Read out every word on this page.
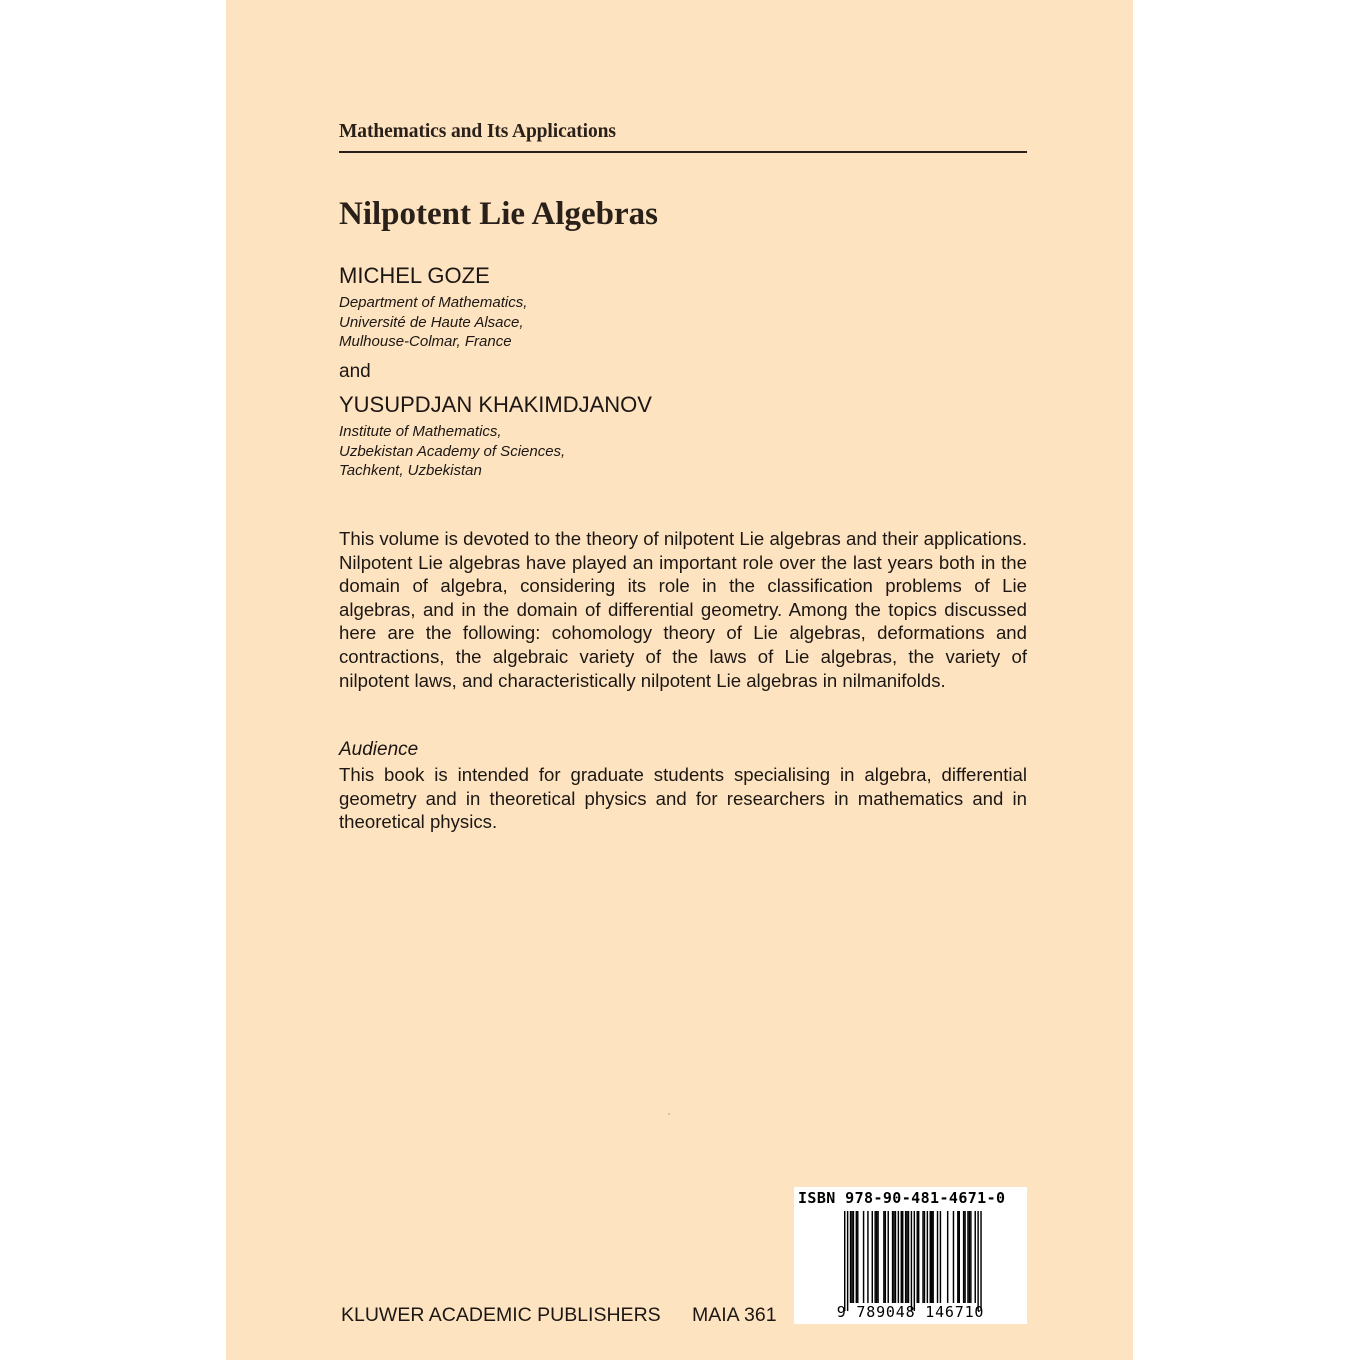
Mathematics and Its Applications
Nilpotent Lie Algebras
MICHEL GOZE
Department of Mathematics,
Université de Haute Alsace,
Mulhouse-Colmar, France
and
YUSUPDJAN KHAKIMDJANOV
Institute of Mathematics,
Uzbekistan Academy of Sciences,
Tachkent, Uzbekistan

This volume is devoted to the theory of nilpotent Lie algebras and their applications. Nilpotent Lie algebras have played an important role over the last years both in the domain of algebra, considering its role in the classification problems of Lie algebras, and in the domain of differential geometry. Among the topics discussed here are the following: cohomology theory of Lie algebras, deformations and contractions, the algebraic variety of the laws of Lie algebras, the variety of nilpotent laws, and characteristically nilpotent Lie algebras in nilmanifolds.

Audience

This book is intended for graduate students specialising in algebra, differential geometry and in theoretical physics and for researchers in mathematics and in theoretical physics.

KLUWER ACADEMIC PUBLISHERS MAIA 361
ISBN 978-90-481-4671-0
9 789048 146710
